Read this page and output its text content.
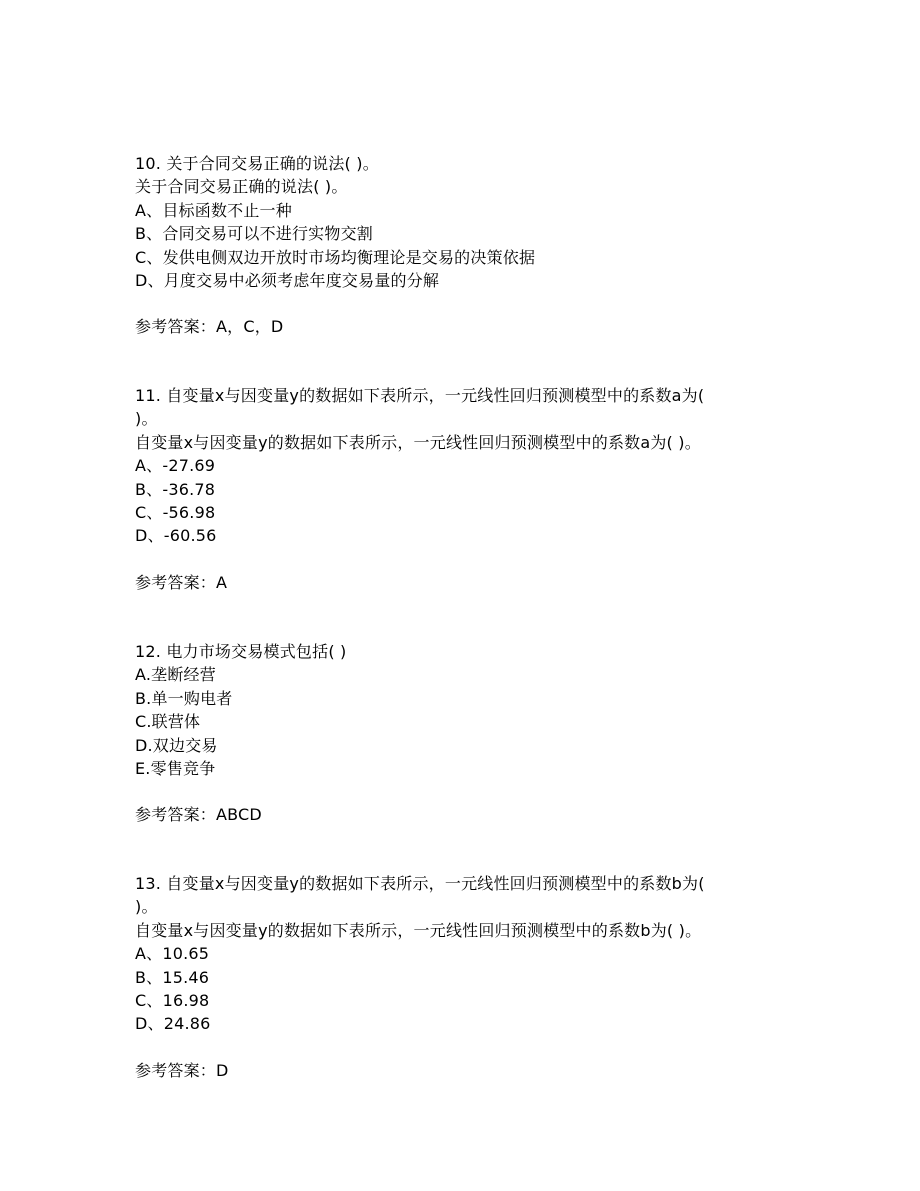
10. 关于合同交易正确的说法( )。
关于合同交易正确的说法( )。
A、目标函数不止一种
B、合同交易可以不进行实物交割
C、发供电侧双边开放时市场均衡理论是交易的决策依据
D、月度交易中必须考虑年度交易量的分解
参考答案：A，C，D
11. 自变量x与因变量y的数据如下表所示，一元线性回归预测模型中的系数a为(
)。
自变量x与因变量y的数据如下表所示，一元线性回归预测模型中的系数a为( )。
A、-27.69
B、-36.78
C、-56.98
D、-60.56
参考答案：A
12. 电力市场交易模式包括( )
A.垄断经营
B.单一购电者
C.联营体
D.双边交易
E.零售竞争
参考答案：ABCD
13. 自变量x与因变量y的数据如下表所示，一元线性回归预测模型中的系数b为(
)。
自变量x与因变量y的数据如下表所示，一元线性回归预测模型中的系数b为( )。
A、10.65
B、15.46
C、16.98
D、24.86
参考答案：D
